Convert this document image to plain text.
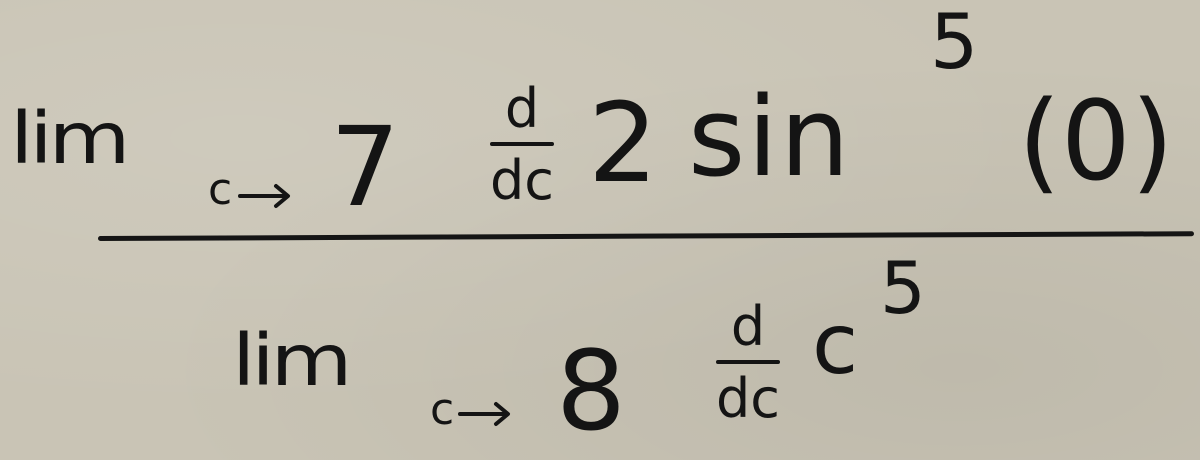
lim
c 7 d
dc 2 sin
5
(0)
lim
c 8
d
dc
c
5
